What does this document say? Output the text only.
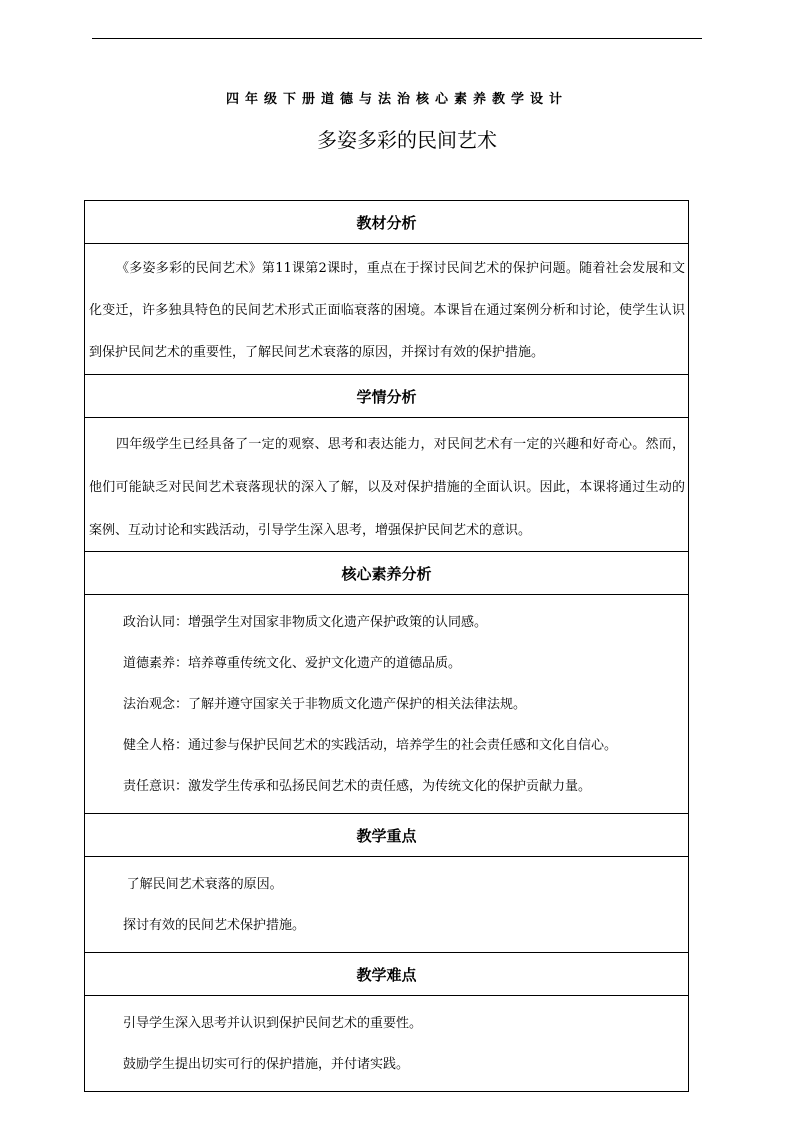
四年级下册道德与法治核心素养教学设计
多姿多彩的民间艺术
教材分析

《多姿多彩的民间艺术》第11课第2课时，重点在于探讨民间艺术的保护问题。随着社会发展和文化变迁，许多独具特色的民间艺术形式正面临衰落的困境。本课旨在通过案例分析和讨论，使学生认识到保护民间艺术的重要性，了解民间艺术衰落的原因，并探讨有效的保护措施。

学情分析

四年级学生已经具备了一定的观察、思考和表达能力，对民间艺术有一定的兴趣和好奇心。然而，他们可能缺乏对民间艺术衰落现状的深入了解，以及对保护措施的全面认识。因此，本课将通过生动的案例、互动讨论和实践活动，引导学生深入思考，增强保护民间艺术的意识。

核心素养分析

政治认同：增强学生对国家非物质文化遗产保护政策的认同感。
道德素养：培养尊重传统文化、爱护文化遗产的道德品质。
法治观念：了解并遵守国家关于非物质文化遗产保护的相关法律法规。
健全人格：通过参与保护民间艺术的实践活动，培养学生的社会责任感和文化自信心。
责任意识：激发学生传承和弘扬民间艺术的责任感，为传统文化的保护贡献力量。

教学重点

了解民间艺术衰落的原因。
探讨有效的民间艺术保护措施。

教学难点

引导学生深入思考并认识到保护民间艺术的重要性。
鼓励学生提出切实可行的保护措施，并付诸实践。
